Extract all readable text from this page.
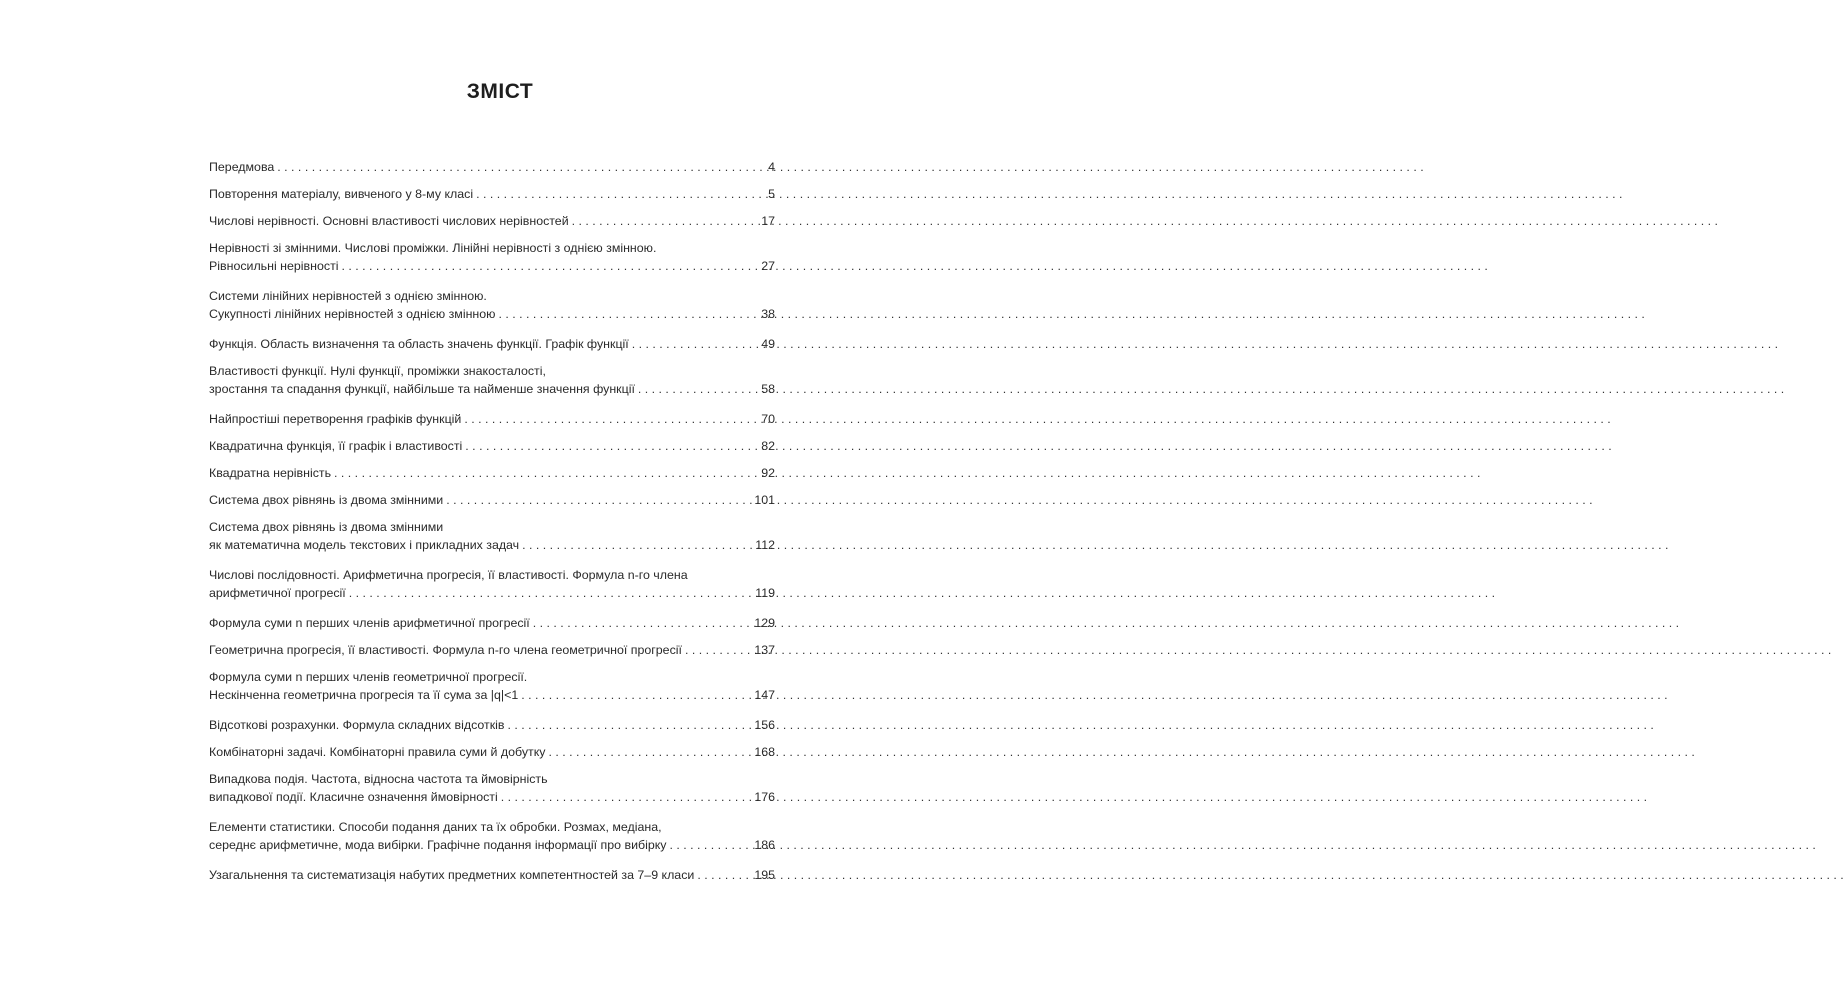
ЗМІСТ
Передмова . . .	4
Повторення матеріалу, вивченого у 8-му класі . . .	5
Числові нерівності. Основні властивості числових нерівностей . . .	17
Нерівності зі змінними. Числові проміжки. Лінійні нерівності з однією змінною.
Рівносильні нерівності . . .	27
Системи лінійних нерівностей з однією змінною.
Сукупності лінійних нерівностей з однією змінною . . .	38
Функція. Область визначення та область значень функції. Графік функції . . .	49
Властивості функції. Нулі функції, проміжки знакосталості,
зростання та спадання функції, найбільше та найменше значення функції . . .	58
Найпростіші перетворення графіків функцій . . .	70
Квадратична функція, її графік і властивості . . .	82
Квадратна нерівність . . .	92
Система двох рівнянь із двома змінними . . .	101
Система двох рівнянь із двома змінними
як математична модель текстових і прикладних задач . . .	112
Числові послідовності. Арифметична прогресія, її властивості. Формула n-го члена
арифметичної прогресії . . .	119
Формула суми n перших членів арифметичної прогресії . . .	129
Геометрична прогресія, її властивості. Формула n-го члена геометричної прогресії . . .	137
Формула суми n перших членів геометричної прогресії.
Нескінченна геометрична прогресія та її сума за |q|<1 . . .	147
Відсоткові розрахунки. Формула складних відсотків . . .	156
Комбінаторні задачі. Комбінаторні правила суми й добутку . . .	168
Випадкова подія. Частота, відносна частота та ймовірність
випадкової події. Класичне означення ймовірності . . .	176
Елементи статистики. Способи подання даних та їх обробки. Розмах, медіана,
середнє арифметичне, мода вибірки. Графічне подання інформації про вибірку . . .	186
Узагальнення та систематизація набутих предметних компетентностей за 7–9 класи . . .	195
